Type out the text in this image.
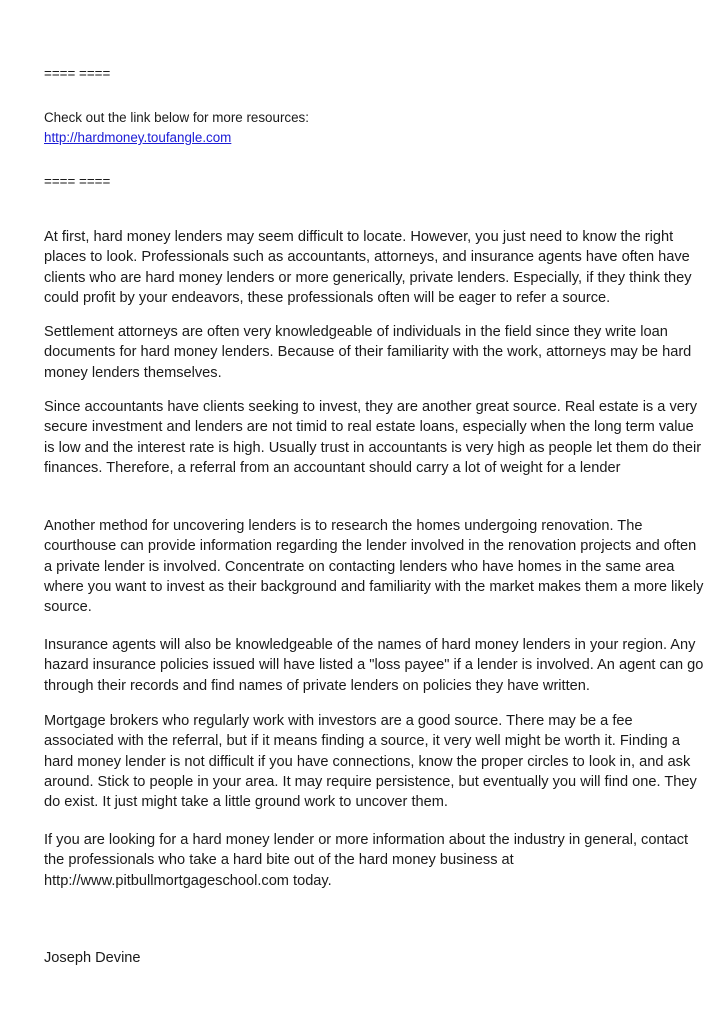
==== ====
Check out the link below for more resources:
http://hardmoney.toufangle.com
==== ====

At first, hard money lenders may seem difficult to locate. However, you just need to know the right places to look. Professionals such as accountants, attorneys, and insurance agents have often have clients who are hard money lenders or more generically, private lenders. Especially, if they think they could profit by your endeavors, these professionals often will be eager to refer a source.

Settlement attorneys are often very knowledgeable of individuals in the field since they write loan documents for hard money lenders. Because of their familiarity with the work, attorneys may be hard money lenders themselves.

Since accountants have clients seeking to invest, they are another great source. Real estate is a very secure investment and lenders are not timid to real estate loans, especially when the long term value is low and the interest rate is high. Usually trust in accountants is very high as people let them do their finances. Therefore, a referral from an accountant should carry a lot of weight for a lender

Another method for uncovering lenders is to research the homes undergoing renovation. The courthouse can provide information regarding the lender involved in the renovation projects and often a private lender is involved. Concentrate on contacting lenders who have homes in the same area where you want to invest as their background and familiarity with the market makes them a more likely source.

Insurance agents will also be knowledgeable of the names of hard money lenders in your region. Any hazard insurance policies issued will have listed a "loss payee" if a lender is involved. An agent can go through their records and find names of private lenders on policies they have written.

Mortgage brokers who regularly work with investors are a good source. There may be a fee associated with the referral, but if it means finding a source, it very well might be worth it. Finding a hard money lender is not difficult if you have connections, know the proper circles to look in, and ask around. Stick to people in your area. It may require persistence, but eventually you will find one. They do exist. It just might take a little ground work to uncover them.

If you are looking for a hard money lender or more information about the industry in general, contact the professionals who take a hard bite out of the hard money business at http://www.pitbullmortgageschool.com today.

Joseph Devine
